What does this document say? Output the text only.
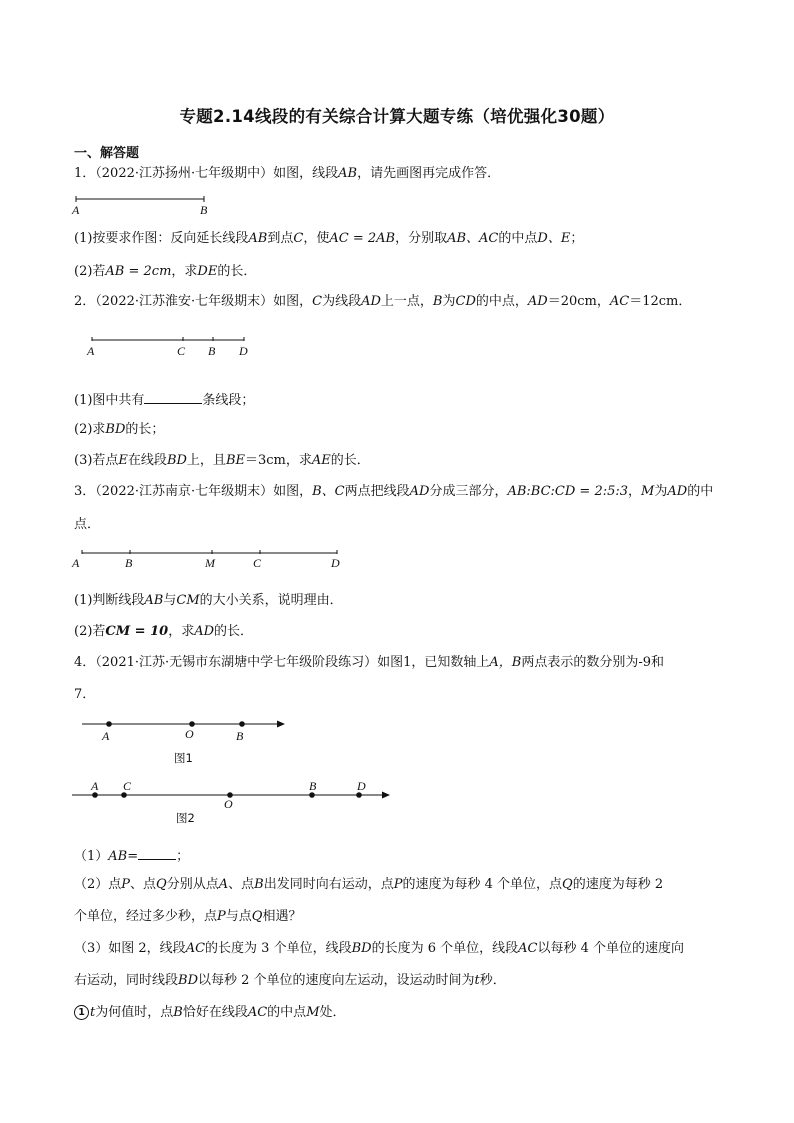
专题2.14线段的有关综合计算大题专练（培优强化30题）
一、解答题
1．（2022·江苏扬州·七年级期中）如图，线段AB，请先画图再完成作答．
A	B
(1)按要求作图：反向延长线段AB到点C，使AC = 2AB，分别取AB、AC的中点D、E；
(2)若AB = 2cm，求DE的长．
2．（2022·江苏淮安·七年级期末）如图，C为线段AD上一点，B为CD的中点，AD＝20cm，AC＝12cm．
A	C B D
(1)图中共有	条线段；
(2)求BD的长；
(3)若点E在线段BD上，且BE＝3cm，求AE的长．
3．（2022·江苏南京·七年级期末）如图，B、C两点把线段AD分成三部分，AB:BC:CD = 2:5:3，M为AD的中
点．
A	B	M	C	D
(1)判断线段AB与CM的大小关系，说明理由．
(2)若CM = 10，求AD的长．
4．（2021·江苏·无锡市东湖塘中学七年级阶段练习）如图1，已知数轴上A，B两点表示的数分别为-9和
7．
A	O	B
图1
A C
O
B	D
图2
（1）AB=	；
（2）点P、点Q分别从点A、点B出发同时向右运动，点P的速度为每秒 4 个单位，点Q的速度为每秒 2
个单位，经过多少秒，点P与点Q相遇？
（3）如图 2，线段AC的长度为 3 个单位，线段BD的长度为 6 个单位，线段AC以每秒 4 个单位的速度向
右运动，同时线段BD以每秒 2 个单位的速度向左运动，设运动时间为t秒．
1 t为何值时，点B恰好在线段AC的中点M处．
